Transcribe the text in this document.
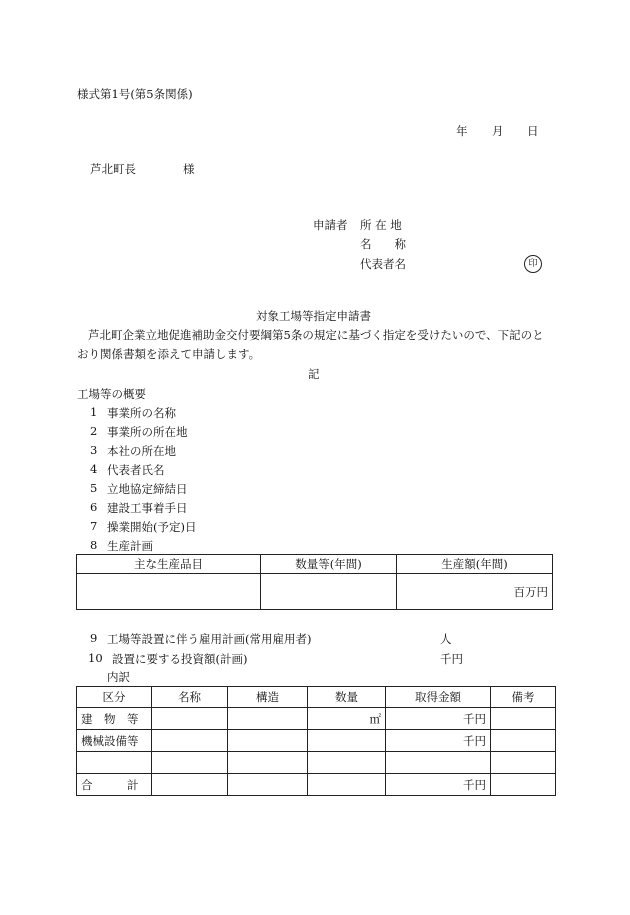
様式第1号(第5条関係)
年 月 日
芦北町長	様
申請者 所 在 地
名　　称
代表者名	印
対象工場等指定申請書
芦北町企業立地促進補助金交付要綱第5条の規定に基づく指定を受けたいので、下記のと
おり関係書類を添えて申請します。
記
工場等の概要
1 事業所の名称
2 事業所の所在地
3 本社の所在地
4 代表者氏名
5 立地協定締結日
6 建設工事着手日
7 操業開始(予定)日
8 生産計画
主な生産品目	数量等(年間)	生産額(年間)
		百万円
9 工場等設置に伴う雇用計画(常用雇用者)	人
10 設置に要する投資額(計画)	千円
内訳
区分	名称	構造	数量	取得金額	備考
建　物　等			㎡	千円	
機械設備等				千円	

合　　　計				千円	
